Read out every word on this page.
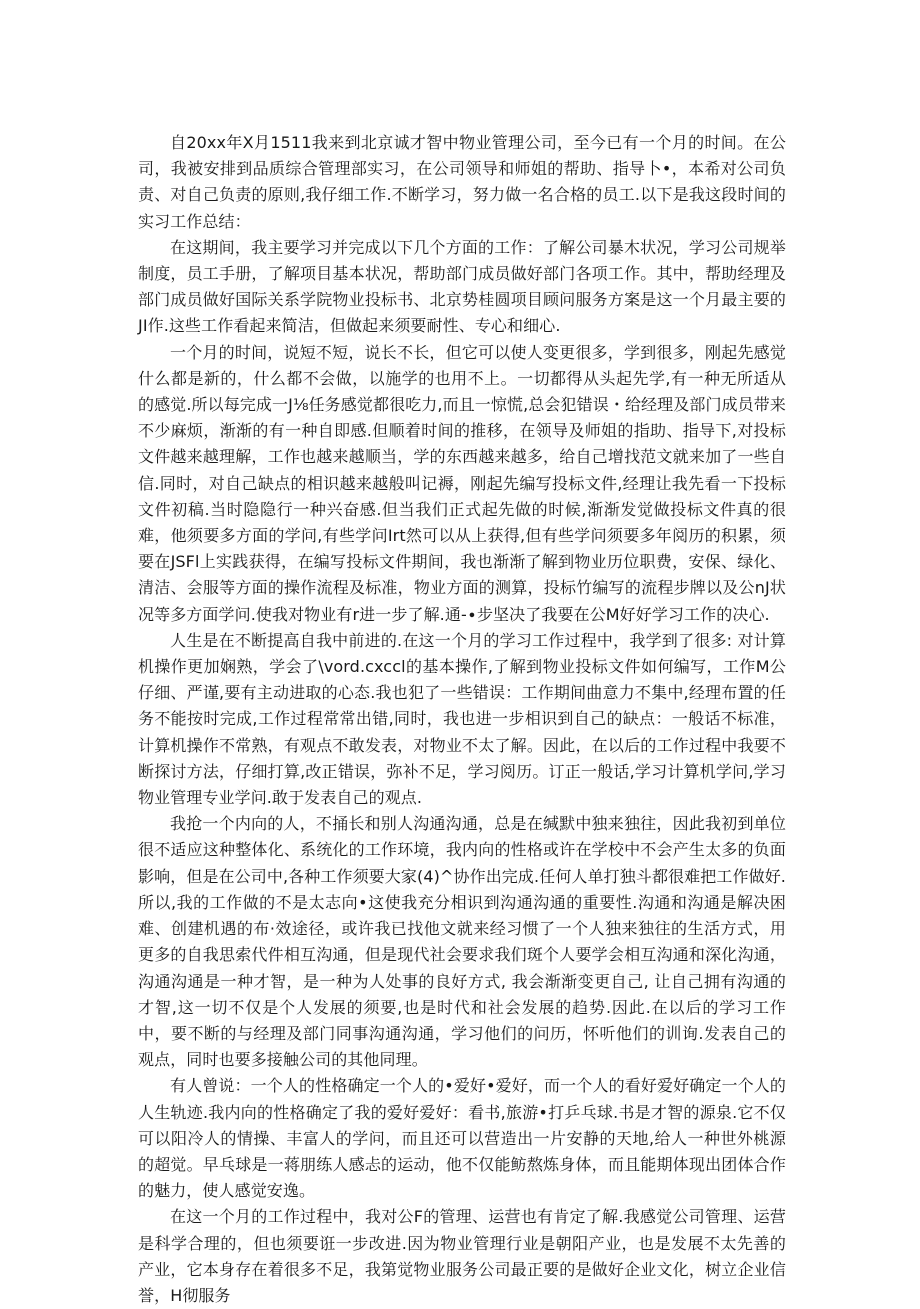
自20xx年X月1511我来到北京诚才智中物业管理公司，至今已有一个月的时间。在公司，我被安排到品质综合管理部实习，在公司领导和师姐的帮助、指导卜•，本希对公司负责、对自己负责的原则,我仔细工作.不断学习，努力做一名合格的员工.以下是我这段时间的实习工作总结：

在这期间，我主要学习并完成以下几个方面的工作：了解公司暴木状况，学习公司规举制度，员工手册，了解项目基本状况，帮助部门成员做好部门各项工作。其中，帮助经理及部门成员做好国际关系学院物业投标书、北京势桂圆项目顾问服务方案是这一个月最主要的JI作.这些工作看起来简洁，但做起来须要耐性、专心和细心.

一个月的时间，说短不短，说长不长，但它可以使人变更很多，学到很多，刚起先感觉什么都是新的，什么都不会做，以施学的也用不上。一切都得从头起先学,有一种无所适从的感觉.所以每完成一J⅛任务感觉都很吃力,而且一惊慌,总会犯错误・给经理及部门成员带来不少麻烦，渐渐的有一种自即感.但顺着时间的推移，在领导及师姐的指助、指导下,对投标文件越来越理解，工作也越来越顺当，学的东西越来越多，给自己增找范文就来加了一些自信.同时，对自己缺点的相识越来越般叫记褥，刚起先编写投标文件,经理让我先看一下投标文件初稿.当时隐隐行一种兴奋感.但当我们正式起先做的时候,渐渐发觉做投标文件真的很难，他须要多方面的学问,有些学问Irt然可以从上获得,但有些学问须要多年阅历的积累，须要在JSFl上实践获得，在编写投标文件期间，我也渐渐了解到物业历位职费，安保、绿化、清洁、会服等方面的操作流程及标准，物业方面的测算，投标竹编写的流程步牌以及公nJ状况等多方面学问.使我对物业有r进一步了解.通-∙步坚决了我要在公M好好学习工作的决心.

人生是在不断提高自我中前进的.在这一个月的学习工作过程中，我学到了很多: 对计算机操作更加娴熟，学会了\vord.cxccl的基本操作,了解到物业投标文件如何编写，工作M公仔细、严谨,要有主动进取的心态.我也犯了一些错误：工作期间曲意力不集中,经理布置的任务不能按时完成,工作过程常常出错,同时，我也进一步相识到自己的缺点：一般话不标准，计算机操作不常熟，有观点不敢发表，对物业不太了解。因此，在以后的工作过程中我要不断探讨方法，仔细打算,改正错误，弥补不足，学习阅历。订正一般话,学习计算机学问,学习物业管理专业学问.敢于发表自己的观点.

我抢一个内向的人，不捅长和别人沟通沟通，总是在缄默中独来独往，因此我初到单位很不适应这种整体化、系统化的工作环境，我内向的性格或许在学校中不会产生太多的负面影响，但是在公司中,各种工作须要大家(4)^协作出完成.任何人单打独斗都很难把工作做好.所以,我的工作做的不是太志向•这使我充分相识到沟通沟通的重要性.沟通和沟通是解决困难、创建机遇的布·效途径，或许我已找他文就来经习惯了一个人独来独往的生活方式，用更多的自我思索代件相互沟通，但是现代社会要求我们斑个人要学会相互沟通和深化沟通，沟通沟通是一种才智，是一种为人处事的良好方式, 我会渐渐变更自己, 让自己拥有沟通的才智,这一切不仅是个人发展的须要,也是时代和社会发展的趋势.因此.在以后的学习工作中，要不断的与经理及部门同事沟通沟通，学习他们的问历，怀听他们的训询.发表自己的观点，同时也要多接触公司的其他同理。

有人曾说：一个人的性格确定一个人的•爱好•爱好，而一个人的看好爱好确定一个人的人生轨迹.我内向的性格确定了我的爱好爱好：看书,旅游•打乒乓球.书是才智的源泉.它不仅可以阳冷人的情操、丰富人的学问，而且还可以营造出一片安静的天地,给人一种世外桃源的超觉。早乓球是一蒋朋练人感忐的运动，他不仅能鲂熬炼身体，而且能期体现出团体合作的魅力，使人感觉安逸。

在这一个月的工作过程中，我对公F的管理、运营也有肯定了解.我感觉公司管理、运营是科学合理的，但也须要诳一步改进.因为物业管理行业是朝阳产业，也是发展不太先善的产业，它本身存在着很多不足，我第觉物业服务公司最正要的是做好企业文化，树立企业信誉，H彻服务
